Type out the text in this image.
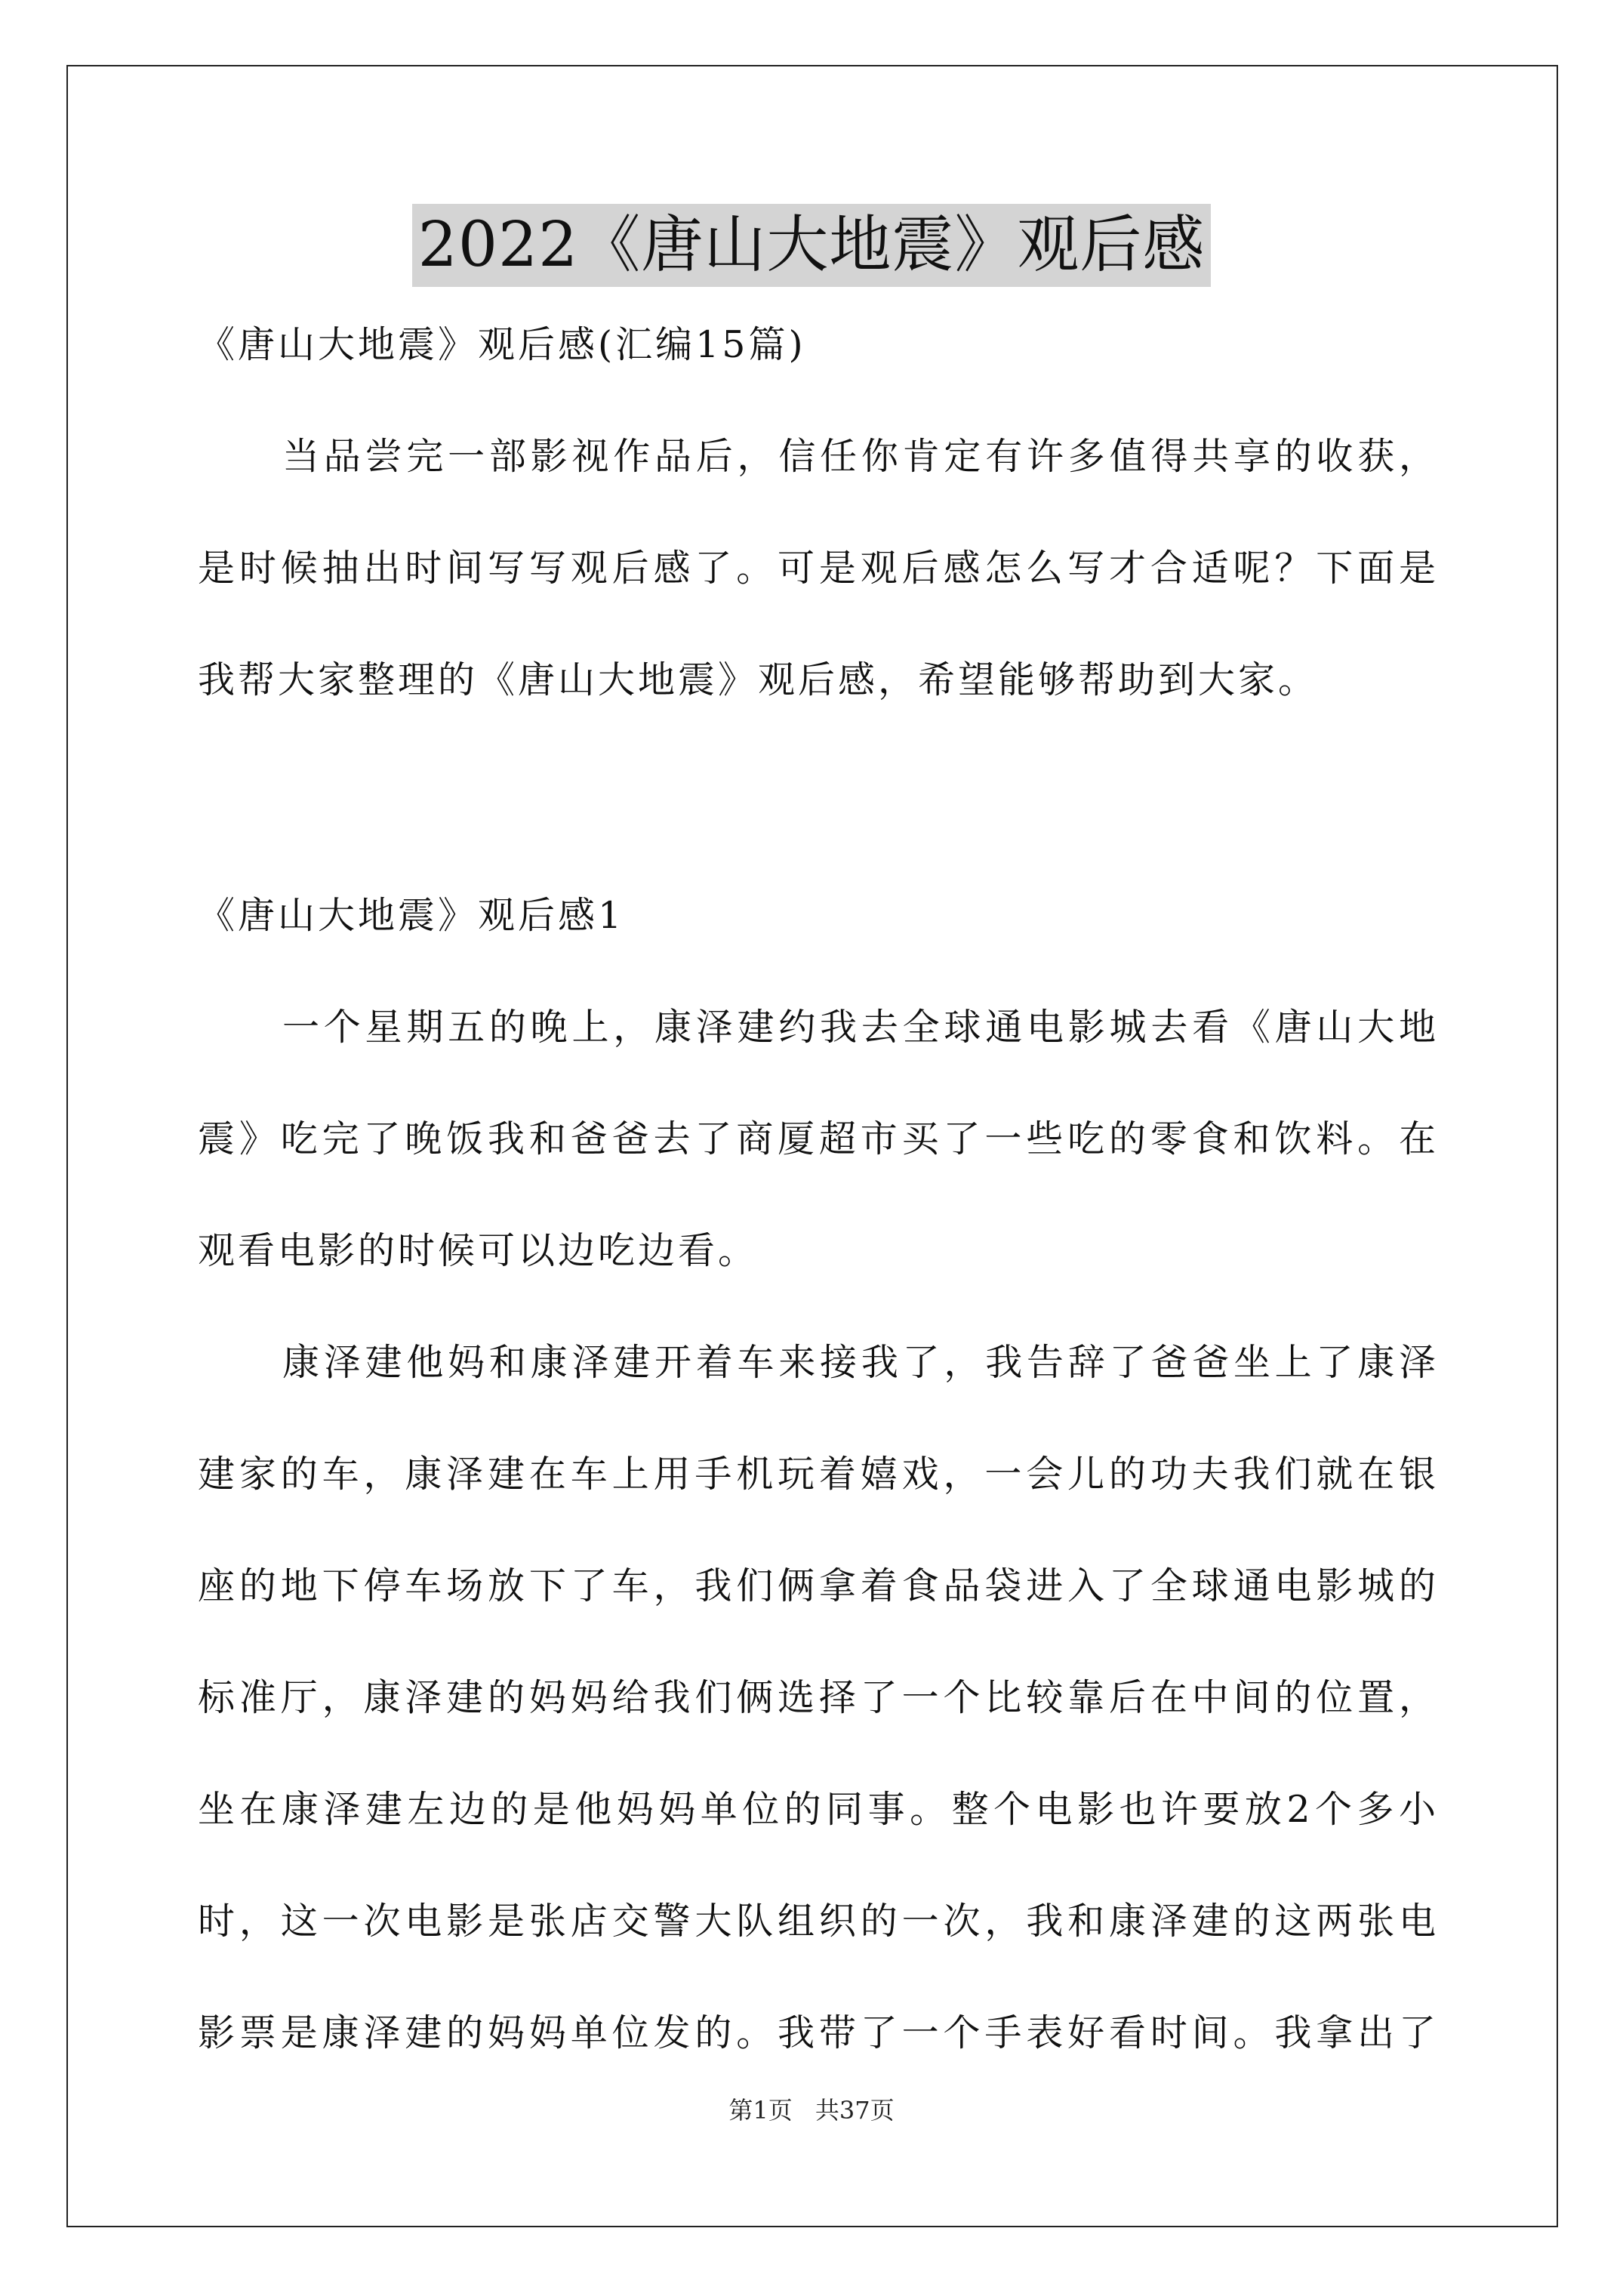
2022《唐山大地震》观后感
《唐山大地震》观后感(汇编15篇)
当品尝完一部影视作品后，信任你肯定有许多值得共享的收获，
是时候抽出时间写写观后感了。可是观后感怎么写才合适呢？下面是
我帮大家整理的《唐山大地震》观后感，希望能够帮助到大家。
《唐山大地震》观后感1
一个星期五的晚上，康泽建约我去全球通电影城去看《唐山大地
震》吃完了晚饭我和爸爸去了商厦超市买了一些吃的零食和饮料。在
观看电影的时候可以边吃边看。
康泽建他妈和康泽建开着车来接我了，我告辞了爸爸坐上了康泽
建家的车，康泽建在车上用手机玩着嬉戏，一会儿的功夫我们就在银
座的地下停车场放下了车，我们俩拿着食品袋进入了全球通电影城的
标准厅，康泽建的妈妈给我们俩选择了一个比较靠后在中间的位置，
坐在康泽建左边的是他妈妈单位的同事。整个电影也许要放2个多小
时，这一次电影是张店交警大队组织的一次，我和康泽建的这两张电
影票是康泽建的妈妈单位发的。我带了一个手表好看时间。我拿出了
第1页 共37页
